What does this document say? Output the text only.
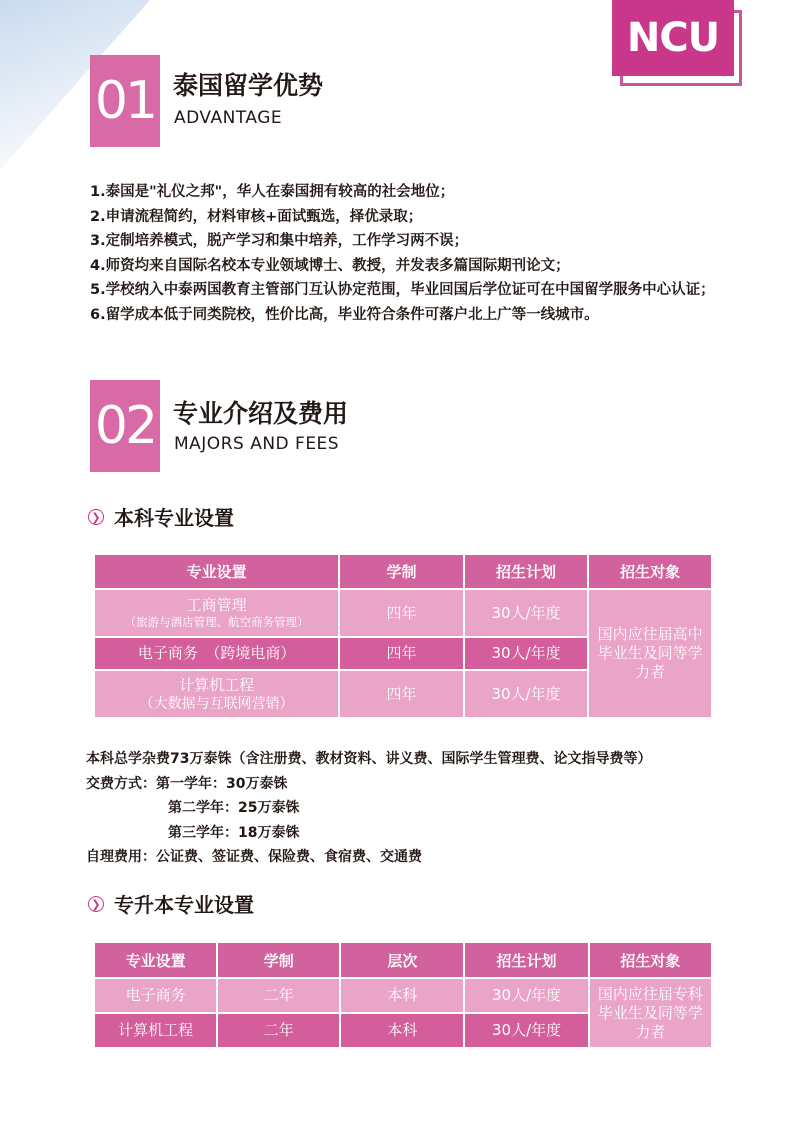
NCU
01 泰国留学优势
ADVANTAGE
1.泰国是"礼仪之邦"，华人在泰国拥有较高的社会地位；
2.申请流程简约，材料审核+面试甄选，择优录取；
3.定制培养模式，脱产学习和集中培养，工作学习两不误；
4.师资均来自国际名校本专业领域博士、教授，并发表多篇国际期刊论文；
5.学校纳入中泰两国教育主管部门互认协定范围，毕业回国后学位证可在中国留学服务中心认证；
6.留学成本低于同类院校，性价比高，毕业符合条件可落户北上广等一线城市。
02 专业介绍及费用
MAJORS AND FEES
❯ 本科专业设置
专业设置	学制	招生计划	招生对象
工商管理
（旅游与酒店管理、航空商务管理）	四年	30人/年度	国内应往届高中毕业生及同等学力者
电子商务　（跨境电商）	四年	30人/年度	
计算机工程
（大数据与互联网营销）	四年	30人/年度	
本科总学杂费73万泰铢（含注册费、教材资料、讲义费、国际学生管理费、论文指导费等）
交费方式：第一学年：30万泰铢
第二学年：25万泰铢
第三学年：18万泰铢
自理费用：公证费、签证费、保险费、食宿费、交通费
❯ 专升本专业设置
专业设置	学制	层次	招生计划	招生对象
电子商务	二年	本科	30人/年度	国内应往届专科毕业生及同等学力者
计算机工程	二年	本科	30人/年度	
